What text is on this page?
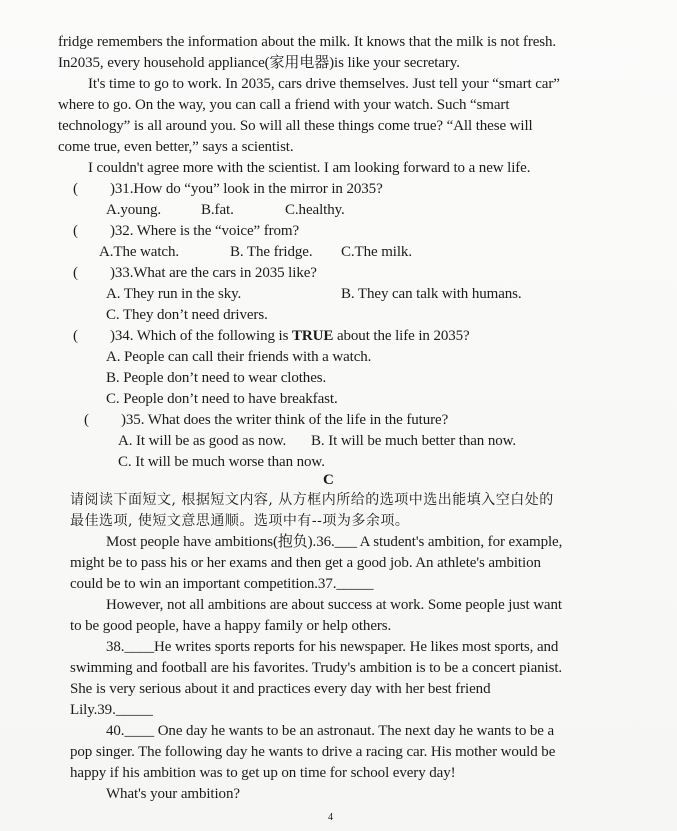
fridge remembers the information about the milk. It knows that the milk is not fresh.
In2035, every household appliance(家用电器)is like your secretary.
It's time to go to work. In 2035, cars drive themselves. Just tell your “smart car”
where to go. On the way, you can call a friend with your watch. Such “smart
technology” is all around you. So will all these things come true? “All these will
come true, even better,” says a scientist.
I couldn't agree more with the scientist. I am looking forward to a new life.
( )31.How do “you” look in the mirror in 2035?
A.young.	B.fat.	C.healthy.
( )32. Where is the “voice” from?
A.The watch.	B. The fridge. C.The milk.
( )33.What are the cars in 2035 like?
A. They run in the sky.	B. They can talk with humans.
C. They don’t need drivers.
( )34. Which of the following is TRUE about the life in 2035?
A. People can call their friends with a watch.
B. People don’t need to wear clothes.
C. People don’t need to have breakfast.
( )35. What does the writer think of the life in the future?
A. It will be as good as now. B. It will be much better than now.
C. It will be much worse than now.
C
请阅读下面短文, 根据短文内容, 从方框内所给的选项中选出能填入空白处的
最佳选项, 使短文意思通顺。选项中有--项为多余项。
Most people have ambitions(抱负).36.___ A student's ambition, for example,
might be to pass his or her exams and then get a good job. An athlete's ambition
could be to win an important competition.37._____
However, not all ambitions are about success at work. Some people just want
to be good people, have a happy family or help others.
38.____He writes sports reports for his newspaper. He likes most sports, and
swimming and football are his favorites. Trudy's ambition is to be a concert pianist.
She is very serious about it and practices every day with her best friend
Lily.39._____
40.____ One day he wants to be an astronaut. The next day he wants to be a
pop singer. The following day he wants to drive a racing car. His mother would be
happy if his ambition was to get up on time for school every day!
What's your ambition?
4
